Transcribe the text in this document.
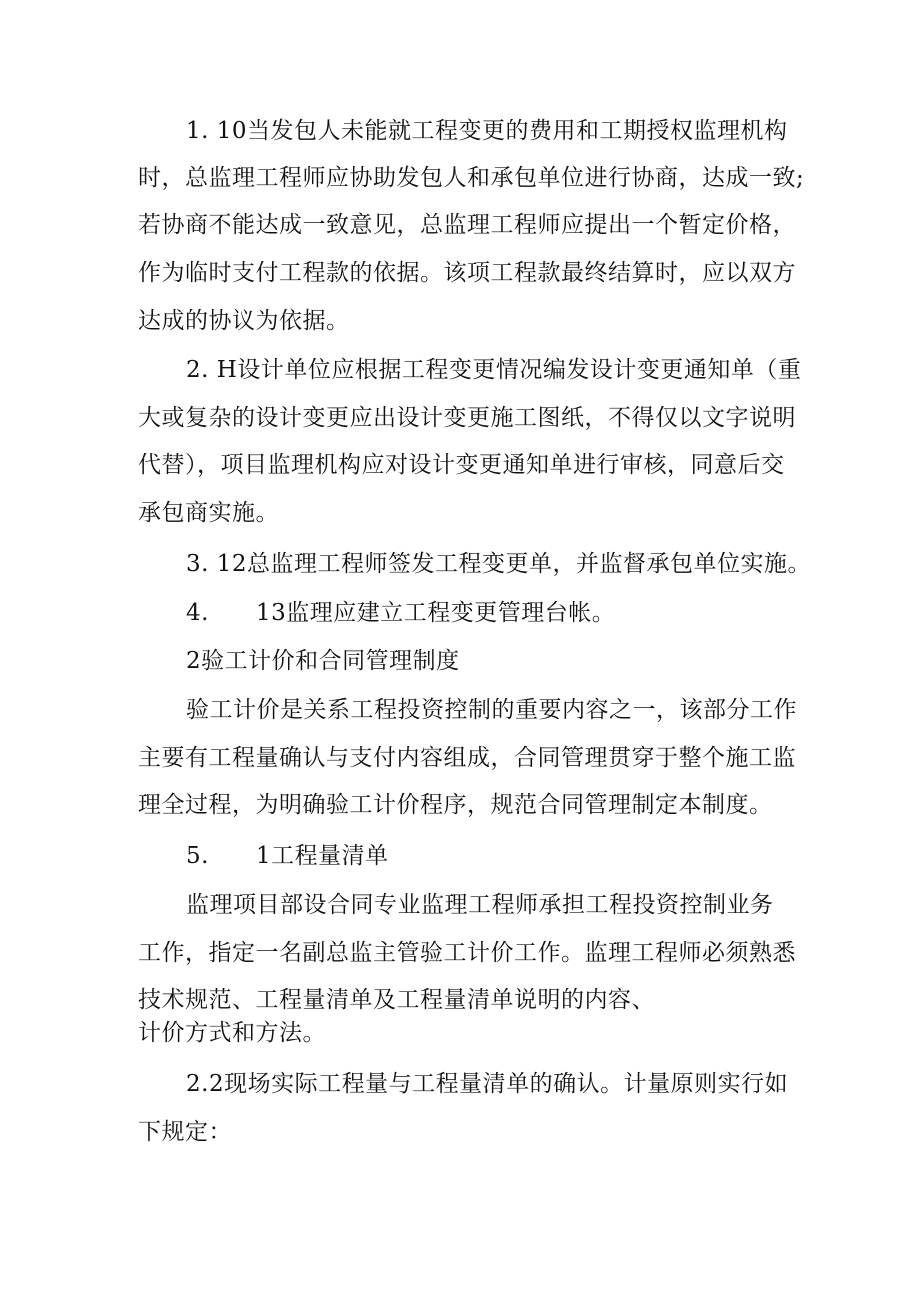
1. 10当发包人未能就工程变更的费用和工期授权监理机构
时，总监理工程师应协助发包人和承包单位进行协商，达成一致;
若协商不能达成一致意见，总监理工程师应提出一个暂定价格，
作为临时支付工程款的依据。该项工程款最终结算时，应以双方
达成的协议为依据。
2. H设计单位应根据工程变更情况编发设计变更通知单（重
大或复杂的设计变更应出设计变更施工图纸，不得仅以文字说明
代替），项目监理机构应对设计变更通知单进行审核，同意后交
承包商实施。
3. 12总监理工程师签发工程变更单，并监督承包单位实施。
4.　　13监理应建立工程变更管理台帐。
2验工计价和合同管理制度
验工计价是关系工程投资控制的重要内容之一，该部分工作
主要有工程量确认与支付内容组成，合同管理贯穿于整个施工监
理全过程，为明确验工计价程序，规范合同管理制定本制度。
5.　　1工程量清单
监理项目部设合同专业监理工程师承担工程投资控制业务
工作，指定一名副总监主管验工计价工作。监理工程师必须熟悉
技术规范、工程量清单及工程量清单说明的内容、
计价方式和方法。
2.2现场实际工程量与工程量清单的确认。计量原则实行如
下规定：
